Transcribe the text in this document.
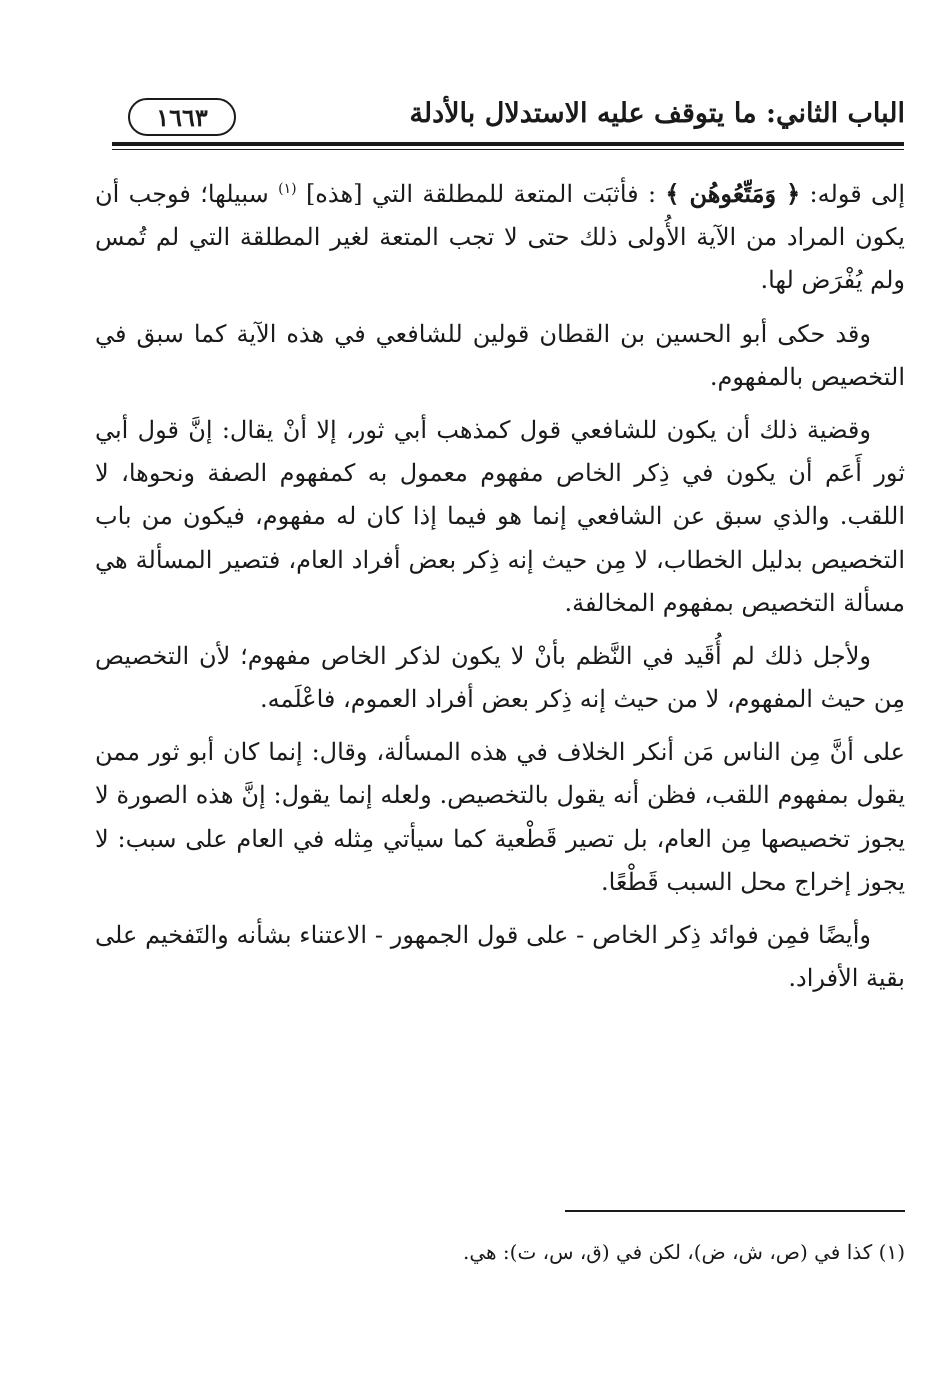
الباب الثاني: ما يتوقف عليه الاستدلال بالأدلة
١٦٦٣

إلى قوله: ﴿ وَمَتِّعُوهُن ﴾ : فأثبَت المتعة للمطلقة التي [هذه] $^{(١)}$ سبيلها؛ فوجب أن يكون المراد من الآية الأُولى ذلك حتى لا تجب المتعة لغير المطلقة التي لم تُمس ولم يُفْرَض لها.

وقد حكى أبو الحسين بن القطان قولين للشافعي في هذه الآية كما سبق في التخصيص بالمفهوم.

وقضية ذلك أن يكون للشافعي قول كمذهب أبي ثور، إلا أنْ يقال: إنَّ قول أبي ثور أَعَم أن يكون في ذِكر الخاص مفهوم معمول به كمفهوم الصفة ونحوها، لا اللقب. والذي سبق عن الشافعي إنما هو فيما إذا كان له مفهوم، فيكون من باب التخصيص بدليل الخطاب، لا مِن حيث إنه ذِكر بعض أفراد العام، فتصير المسألة هي مسألة التخصيص بمفهوم المخالفة.

ولأجل ذلك لم أُقَيد في النَّظم بأنْ لا يكون لذكر الخاص مفهوم؛ لأن التخصيص مِن حيث المفهوم، لا من حيث إنه ذِكر بعض أفراد العموم، فاعْلَمه.

على أنَّ مِن الناس مَن أنكر الخلاف في هذه المسألة، وقال: إنما كان أبو ثور ممن يقول بمفهوم اللقب، فظن أنه يقول بالتخصيص. ولعله إنما يقول: إنَّ هذه الصورة لا يجوز تخصيصها مِن العام، بل تصير قَطْعية كما سيأتي مِثله في العام على سبب: لا يجوز إخراج محل السبب قَطْعًا.

وأيضًا فمِن فوائد ذِكر الخاص - على قول الجمهور - الاعتناء بشأنه والتَفخيم على بقية الأفراد.

(١) كذا في (ص، ش، ض)، لكن في (ق، س، ت): هي.
